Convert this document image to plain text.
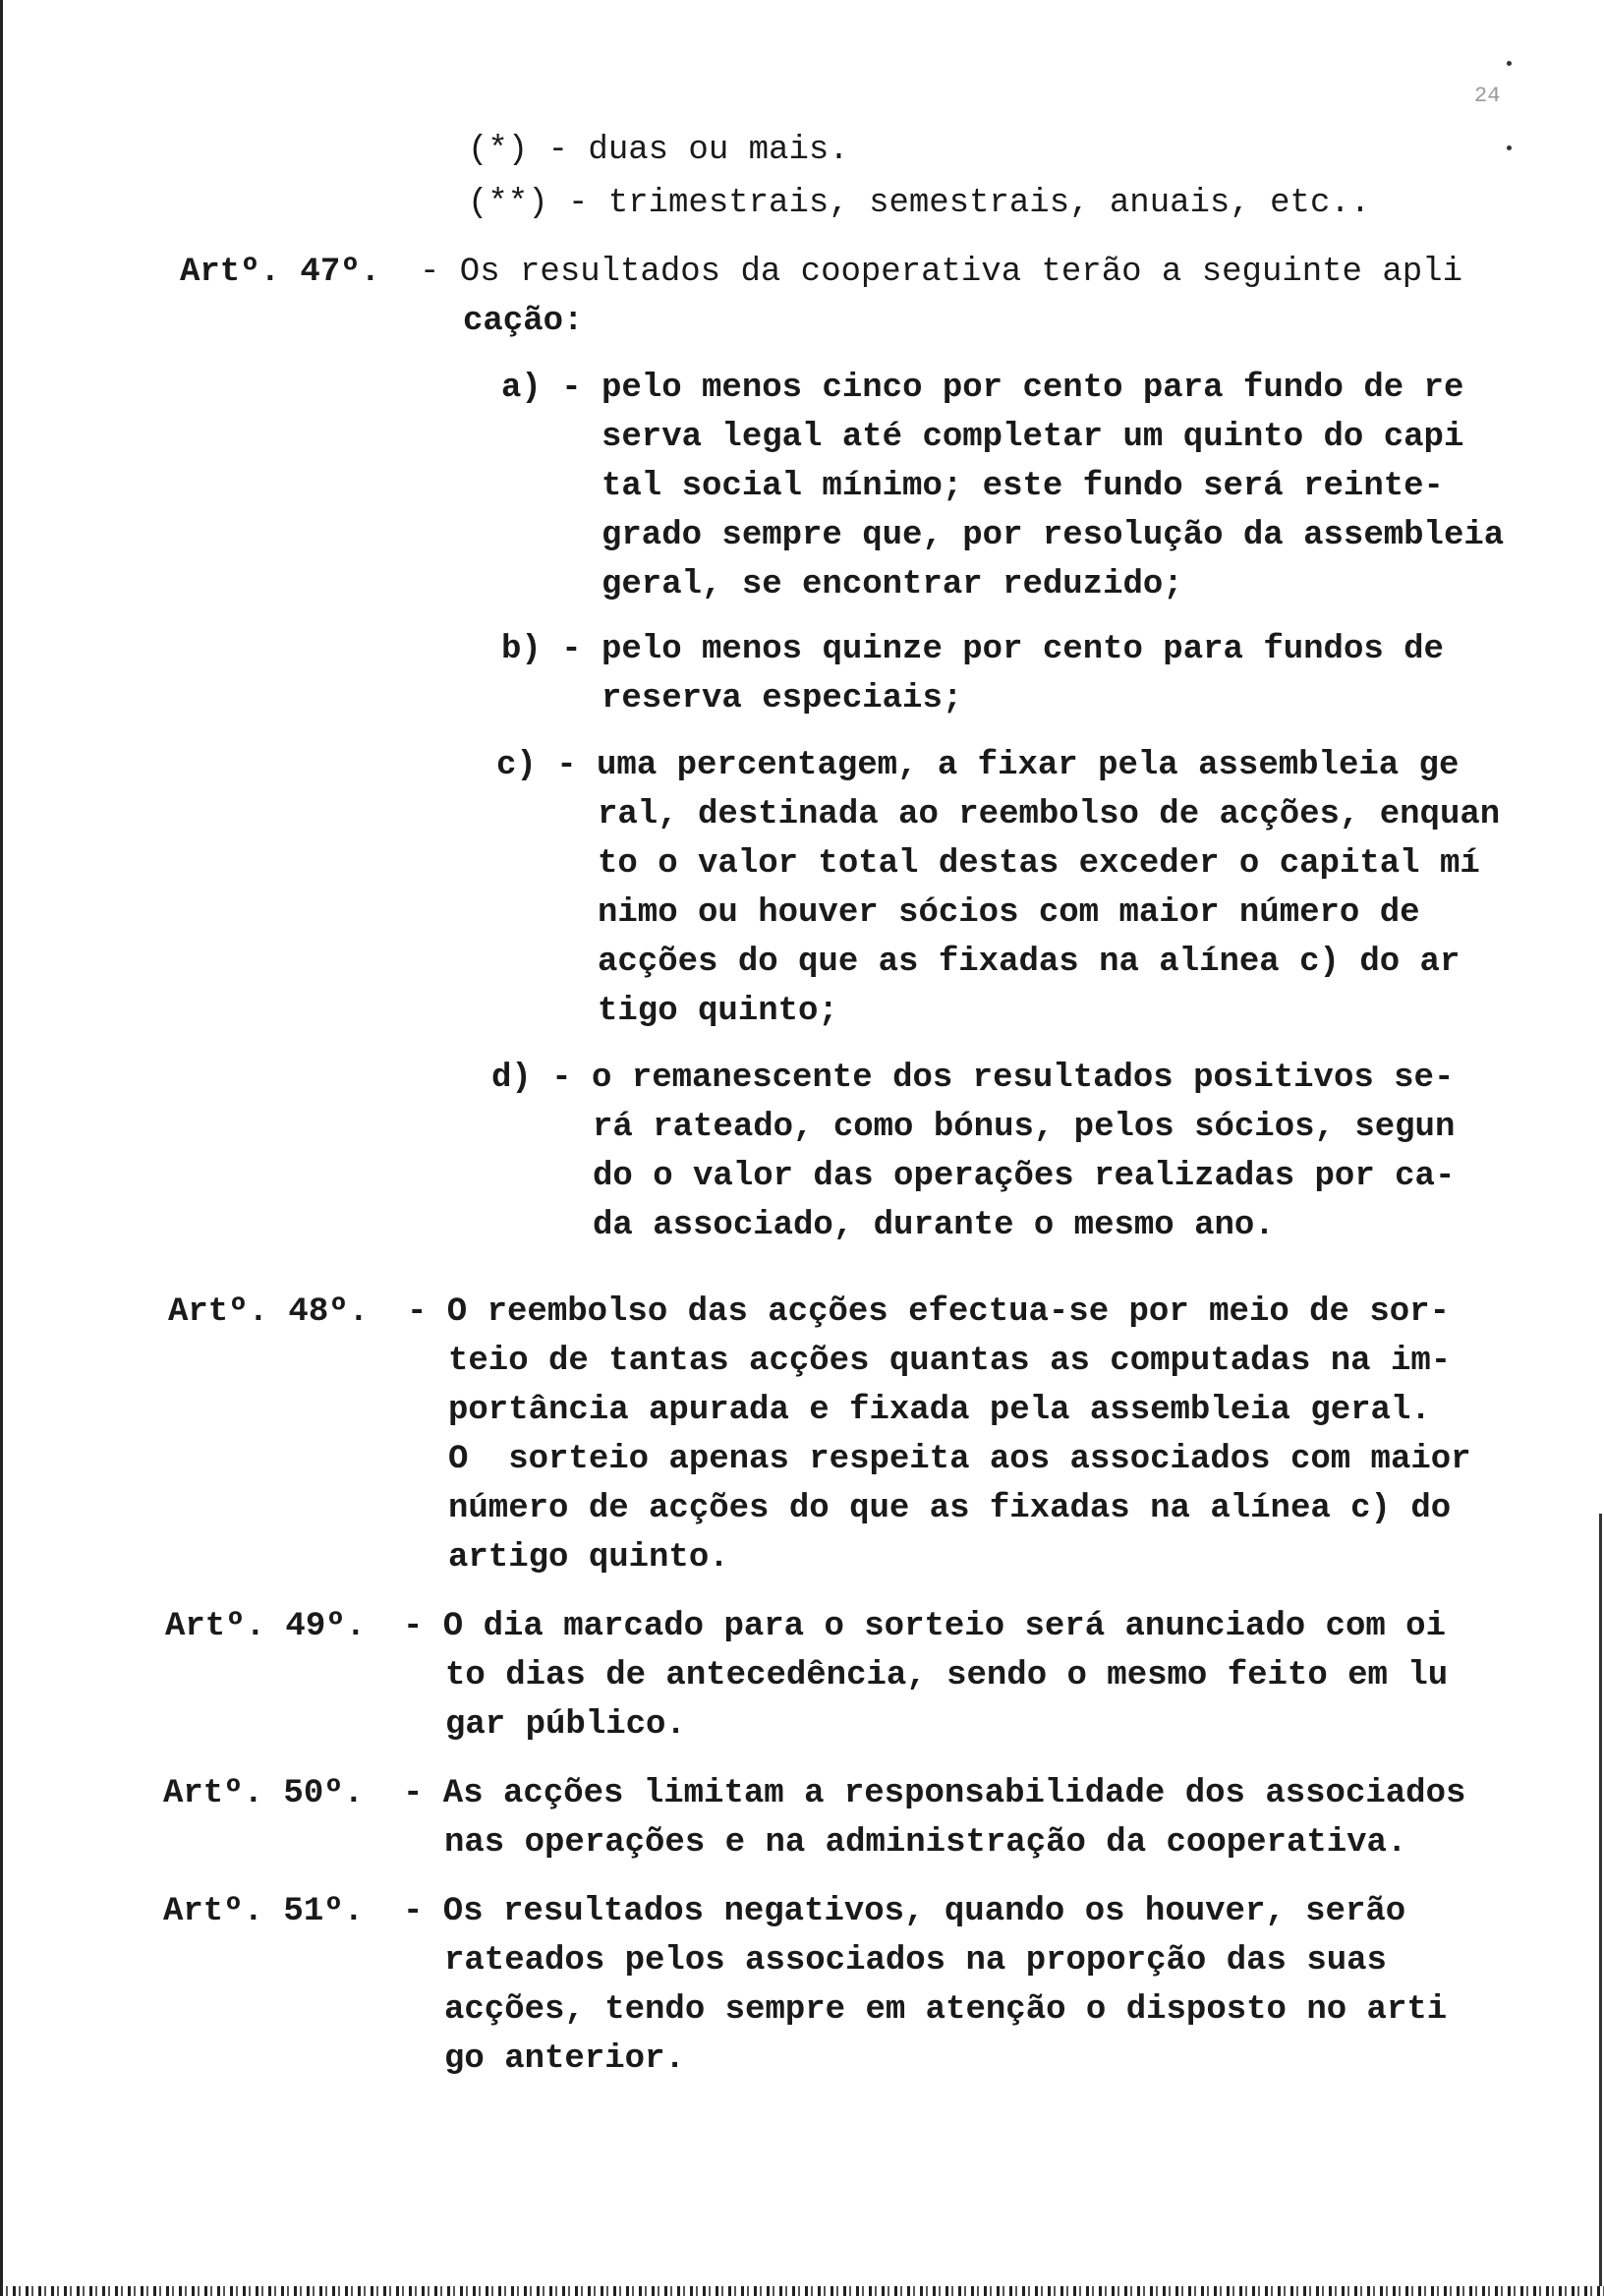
24
(*) - duas ou mais.
(**) - trimestrais, semestrais, anuais, etc..
Artº. 47º. - Os resultados da cooperativa terão a seguinte apli
cação:
a) - pelo menos cinco por cento para fundo de re
serva legal até completar um quinto do capi
tal social mínimo; este fundo será reinte-
grado sempre que, por resolução da assembleia
geral, se encontrar reduzido;
b) - pelo menos quinze por cento para fundos de
reserva especiais;
c) - uma percentagem, a fixar pela assembleia ge
ral, destinada ao reembolso de acções, enquan
to o valor total destas exceder o capital mí
nimo ou houver sócios com maior número de
acções do que as fixadas na alínea c) do ar
tigo quinto;
d) - o remanescente dos resultados positivos se-
rá rateado, como bónus, pelos sócios, segun
do o valor das operações realizadas por ca-
da associado, durante o mesmo ano.
Artº. 48º. - O reembolso das acções efectua-se por meio de sor-
teio de tantas acções quantas as computadas na im-
portância apurada e fixada pela assembleia geral.
O  sorteio apenas respeita aos associados com maior
número de acções do que as fixadas na alínea c) do
artigo quinto.
Artº. 49º. - O dia marcado para o sorteio será anunciado com oi
to dias de antecedência, sendo o mesmo feito em lu
gar público.
Artº. 50º. - As acções limitam a responsabilidade dos associados
nas operações e na administração da cooperativa.
Artº. 51º. - Os resultados negativos, quando os houver, serão
rateados pelos associados na proporção das suas
acções, tendo sempre em atenção o disposto no arti
go anterior.
